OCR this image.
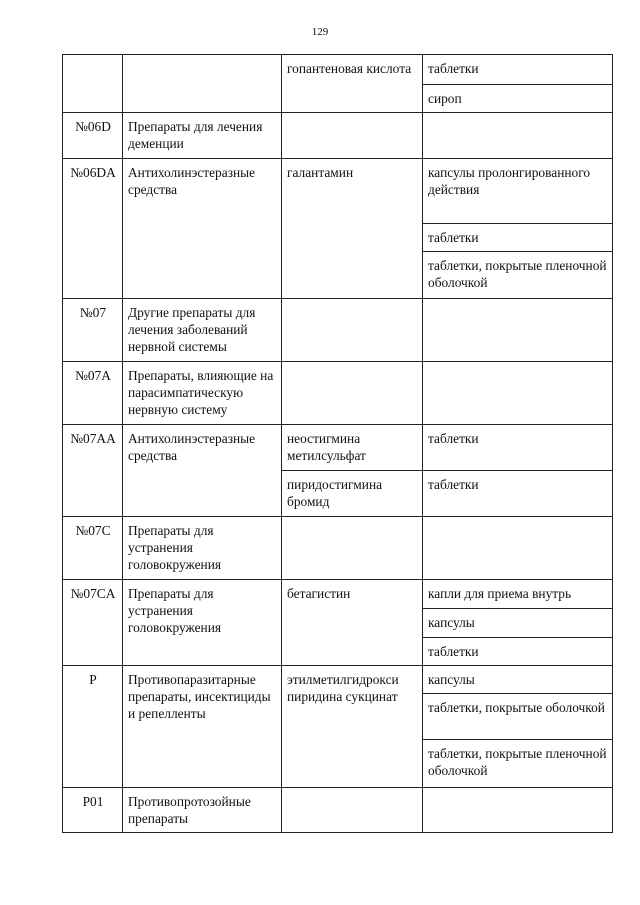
129
		гопантеновая кислота	таблетки
			сироп
№06D	Препараты для лечения деменции		
№06DA	Антихолинэстеразные средства	галантамин	капсулы пролонгированного действия
			таблетки
			таблетки, покрытые пленочной оболочкой
№07	Другие препараты для лечения заболеваний нервной системы		
№07A	Препараты, влияющие на парасимпатическую нервную систему		
№07AA	Антихолинэстеразные средства	неостигмина метилсульфат	таблетки
		пиридостигмина бромид	таблетки
№07C	Препараты для устранения головокружения		
№07CA	Препараты для устранения головокружения	бетагистин	капли для приема внутрь
			капсулы
			таблетки
P	Противопаразитарные препараты, инсектициды и репелленты	этилметилгидрокси пиридина сукцинат	капсулы
			таблетки, покрытые оболочкой
			таблетки, покрытые пленочной оболочкой
P01	Противопротозойные препараты		
